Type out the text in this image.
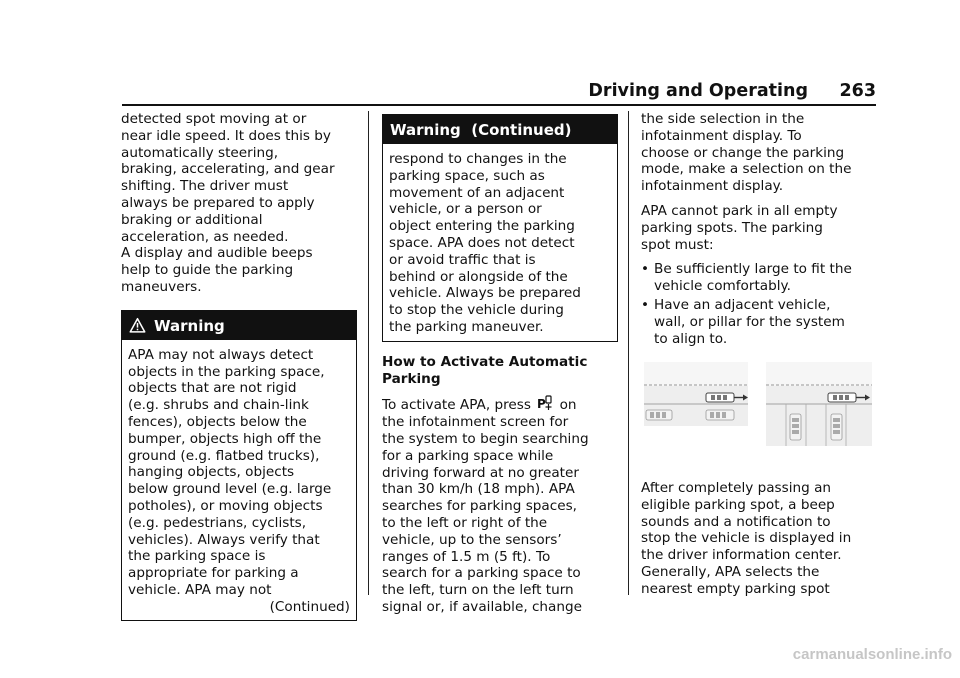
Driving and Operating	263

detected spot moving at or
near idle speed. It does this by
automatically steering,
braking, accelerating, and gear
shifting. The driver must
always be prepared to apply
braking or additional
acceleration, as needed.

A display and audible beeps
help to guide the parking
maneuvers.

Warning
APA may not always detect
objects in the parking space,
objects that are not rigid
(e.g. shrubs and chain-link
fences), objects below the
bumper, objects high off the
ground (e.g. flatbed trucks),
hanging objects, objects
below ground level (e.g. large
potholes), or moving objects
(e.g. pedestrians, cyclists,
vehicles). Always verify that
the parking space is
appropriate for parking a
vehicle. APA may not
(Continued)
Warning  (Continued)
respond to changes in the
parking space, such as
movement of an adjacent
vehicle, or a person or
object entering the parking
space. APA does not detect
or avoid traffic that is
behind or alongside of the
vehicle. Always be prepared
to stop the vehicle during
the parking maneuver.

How to Activate Automatic
Parking

To activate APA, press P on
the infotainment screen for
the system to begin searching
for a parking space while
driving forward at no greater
than 30 km/h (18 mph). APA
searches for parking spaces,
to the left or right of the
vehicle, up to the sensors’
ranges of 1.5 m (5 ft). To
search for a parking space to
the left, turn on the left turn
signal or, if available, change

the side selection in the
infotainment display. To
choose or change the parking
mode, make a selection on the
infotainment display.

APA cannot park in all empty
parking spots. The parking
spot must:

• Be sufficiently large to fit the
vehicle comfortably.
• Have an adjacent vehicle,
wall, or pillar for the system
to align to.
After completely passing an
eligible parking spot, a beep
sounds and a notification to
stop the vehicle is displayed in
the driver information center.
Generally, APA selects the
nearest empty parking spot
carmanualsonline.info
